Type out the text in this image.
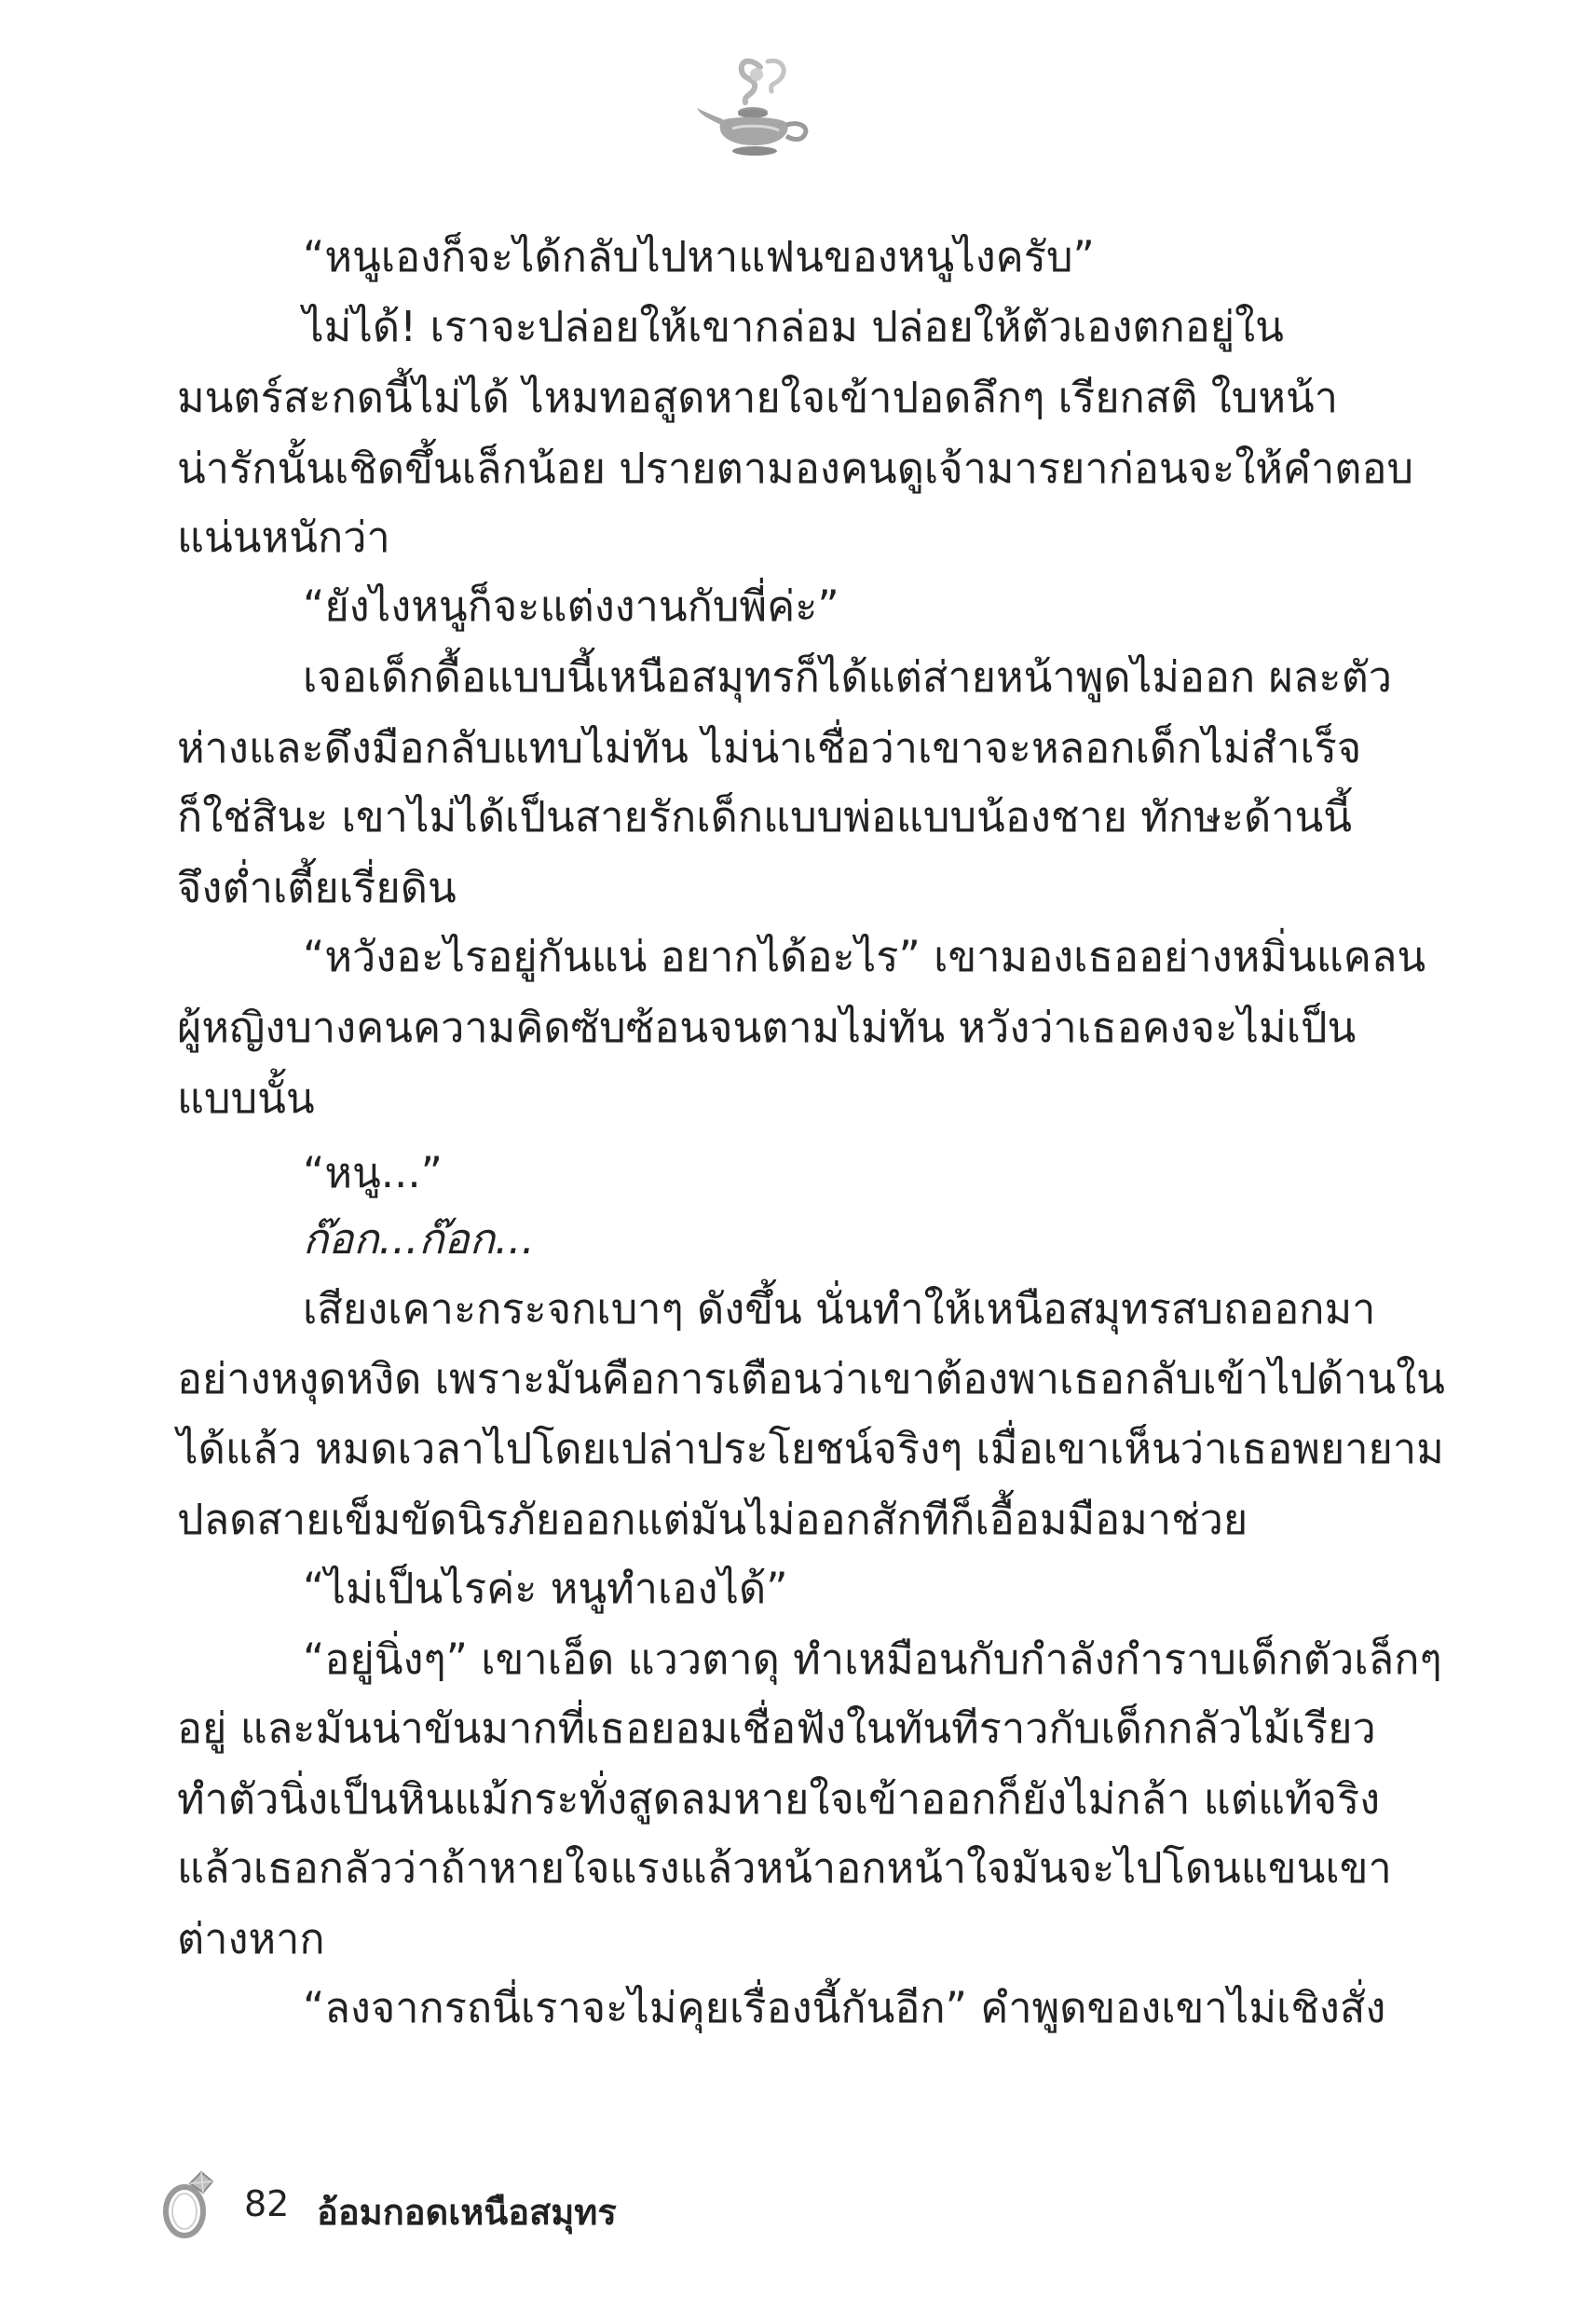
“หนูเองก็จะได้กลับไปหาแฟนของหนูไงครับ”
ไม่ได้! เราจะปล่อยให้เขากล่อม ปล่อยให้ตัวเองตกอยู่ใน
มนตร์สะกดนี้ไม่ได้ ไหมทอสูดหายใจเข้าปอดลึกๆ เรียกสติ ใบหน้า
น่ารักนั้นเชิดขึ้นเล็กน้อย ปรายตามองคนดูเจ้ามารยาก่อนจะให้คำตอบ
แน่นหนักว่า
“ยังไงหนูก็จะแต่งงานกับพี่ค่ะ”
เจอเด็กดื้อแบบนี้เหนือสมุทรก็ได้แต่ส่ายหน้าพูดไม่ออก ผละตัว
ห่างและดึงมือกลับแทบไม่ทัน ไม่น่าเชื่อว่าเขาจะหลอกเด็กไม่สำเร็จ
ก็ใช่สินะ เขาไม่ได้เป็นสายรักเด็กแบบพ่อแบบน้องชาย ทักษะด้านนี้
จึงต่ำเตี้ยเรี่ยดิน
“หวังอะไรอยู่กันแน่ อยากได้อะไร” เขามองเธออย่างหมิ่นแคลน
ผู้หญิงบางคนความคิดซับซ้อนจนตามไม่ทัน หวังว่าเธอคงจะไม่เป็น
แบบนั้น
“หนู...”
ก๊อก...ก๊อก...
เสียงเคาะกระจกเบาๆ ดังขึ้น นั่นทำให้เหนือสมุทรสบถออกมา
อย่างหงุดหงิด เพราะมันคือการเตือนว่าเขาต้องพาเธอกลับเข้าไปด้านใน
ได้แล้ว หมดเวลาไปโดยเปล่าประโยชน์จริงๆ เมื่อเขาเห็นว่าเธอพยายาม
ปลดสายเข็มขัดนิรภัยออกแต่มันไม่ออกสักทีก็เอื้อมมือมาช่วย
“ไม่เป็นไรค่ะ หนูทำเองได้”
“อยู่นิ่งๆ” เขาเอ็ด แววตาดุ ทำเหมือนกับกำลังกำราบเด็กตัวเล็กๆ
อยู่ และมันน่าขันมากที่เธอยอมเชื่อฟังในทันทีราวกับเด็กกลัวไม้เรียว
ทำตัวนิ่งเป็นหินแม้กระทั่งสูดลมหายใจเข้าออกก็ยังไม่กล้า แต่แท้จริง
แล้วเธอกลัวว่าถ้าหายใจแรงแล้วหน้าอกหน้าใจมันจะไปโดนแขนเขา
ต่างหาก
“ลงจากรถนี่เราจะไม่คุยเรื่องนี้กันอีก” คำพูดของเขาไม่เชิงสั่ง
82 อ้อมกอดเหนือสมุทร
